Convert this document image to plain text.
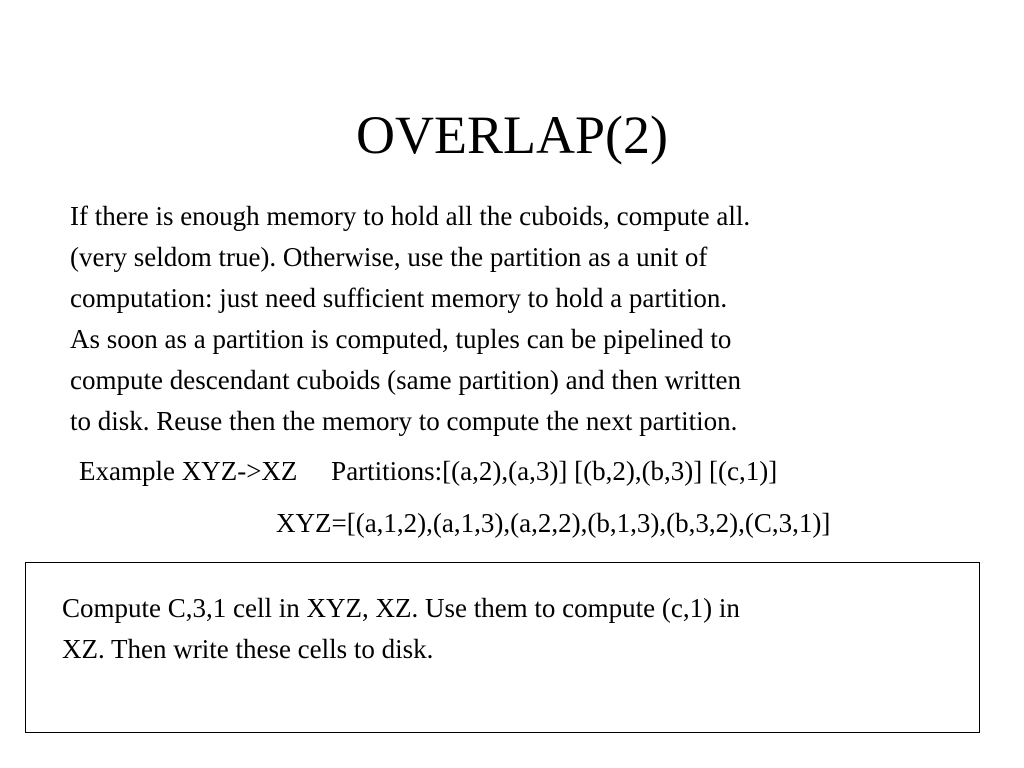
OVERLAP(2)
If there is enough memory to hold all the cuboids, compute all.
(very seldom true). Otherwise, use the partition as a unit of
computation: just need sufficient memory to hold a partition.
As soon as a partition is computed, tuples can be pipelined to
compute descendant cuboids (same partition) and then written
to disk. Reuse then the memory to compute the next partition.
Example XYZ->XZ Partitions:[(a,2),(a,3)] [(b,2),(b,3)] [(c,1)]
XYZ=[(a,1,2),(a,1,3),(a,2,2),(b,1,3),(b,3,2),(C,3,1)]
Compute C,3,1 cell in XYZ, XZ. Use them to compute (c,1) in
XZ. Then write these cells to disk.
